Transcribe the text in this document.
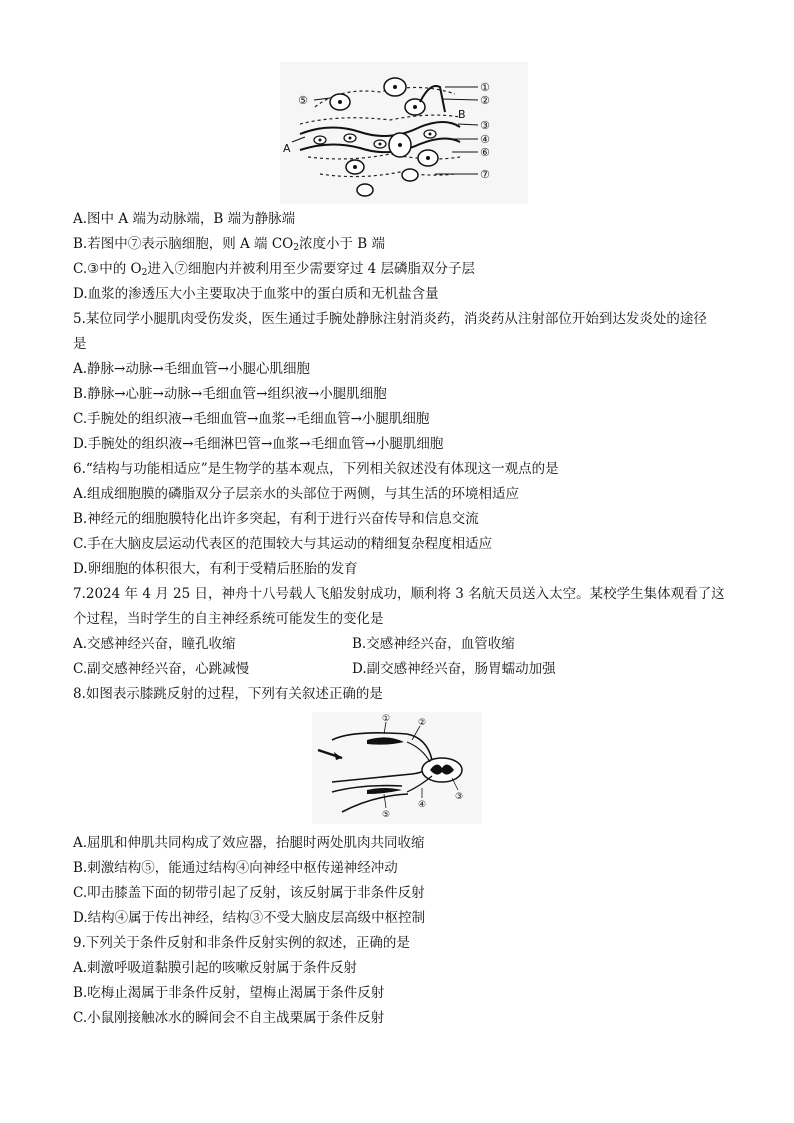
①
②
③
④
⑥
⑦
⑤
A
B
A.图中 A 端为动脉端，B 端为静脉端
B.若图中⑦表示脑细胞，则 A 端 $CO_2$浓度小于 B 端
C.③中的 $O_2$进入⑦细胞内并被利用至少需要穿过 4 层磷脂双分子层
D.血浆的渗透压大小主要取决于血浆中的蛋白质和无机盐含量
5.某位同学小腿肌肉受伤发炎，医生通过手腕处静脉注射消炎药，消炎药从注射部位开始到达发炎处的途径
是
A.静脉→动脉→毛细血管→小腿心肌细胞
B.静脉→心脏→动脉→毛细血管→组织液→小腿肌细胞
C.手腕处的组织液→毛细血管→血浆→毛细血管→小腿肌细胞
D.手腕处的组织液→毛细淋巴管→血浆→毛细血管→小腿肌细胞
6.“结构与功能相适应”是生物学的基本观点，下列相关叙述没有体现这一观点的是
A.组成细胞膜的磷脂双分子层亲水的头部位于两侧，与其生活的环境相适应
B.神经元的细胞膜特化出许多突起，有利于进行兴奋传导和信息交流
C.手在大脑皮层运动代表区的范围较大与其运动的精细复杂程度相适应
D.卵细胞的体积很大，有利于受精后胚胎的发育
7.2024 年 4 月 25 日，神舟十八号载人飞船发射成功，顺利将 3 名航天员送入太空。某校学生集体观看了这
个过程，当时学生的自主神经系统可能发生的变化是
A.交感神经兴奋，瞳孔收缩	B.交感神经兴奋，血管收缩
C.副交感神经兴奋，心跳减慢	D.副交感神经兴奋，肠胃蠕动加强
8.如图表示膝跳反射的过程，下列有关叙述正确的是
①	②
③
④
⑤
A.屈肌和伸肌共同构成了效应器，抬腿时两处肌肉共同收缩
B.刺激结构⑤，能通过结构④向神经中枢传递神经冲动
C.叩击膝盖下面的韧带引起了反射，该反射属于非条件反射
D.结构④属于传出神经，结构③不受大脑皮层高级中枢控制
9.下列关于条件反射和非条件反射实例的叙述，正确的是
A.刺激呼吸道黏膜引起的咳嗽反射属于条件反射
B.吃梅止渴属于非条件反射，望梅止渴属于条件反射
C.小鼠刚接触冰水的瞬间会不自主战栗属于条件反射
